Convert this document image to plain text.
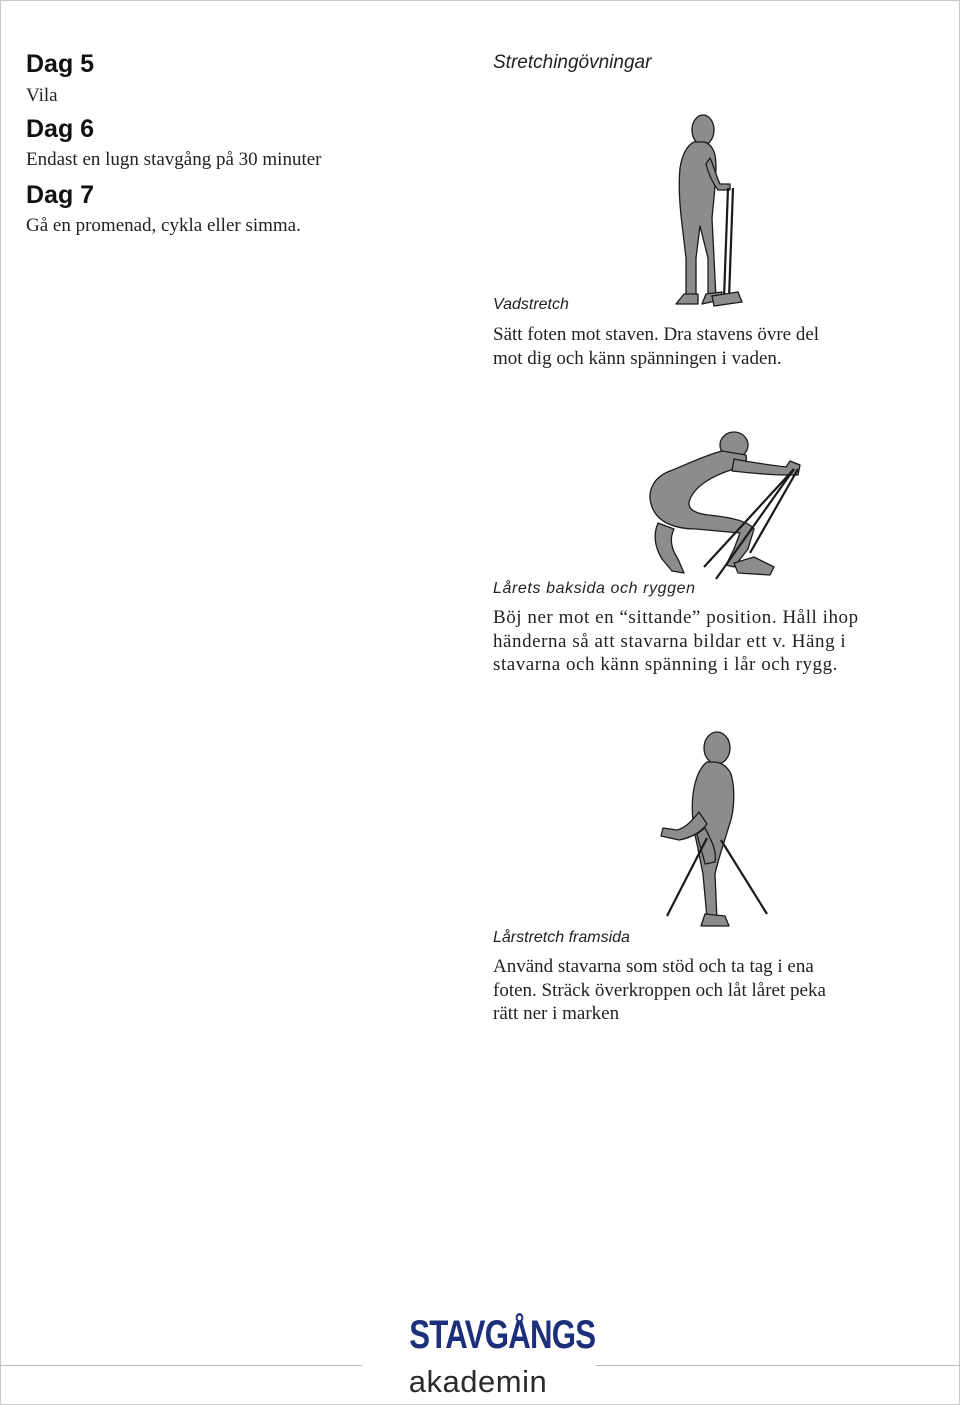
Dag 5
Vila
Dag 6
Endast en lugn stavgång på 30 minuter
Dag 7
Gå en promenad, cykla eller simma.
Stretchingövningar
Vadstretch
Sätt foten mot staven. Dra stavens övre del
mot dig och känn spänningen i vaden.
Lårets baksida och ryggen
Böj ner mot en “sittande” position. Håll ihop
händerna så att stavarna bildar ett v. Häng i
stavarna och känn spänning i lår och rygg.
Lårstretch framsida
Använd stavarna som stöd och ta tag i ena
foten. Sträck överkroppen och låt låret peka
rätt ner i marken
STAVGÅNGS
akademin
